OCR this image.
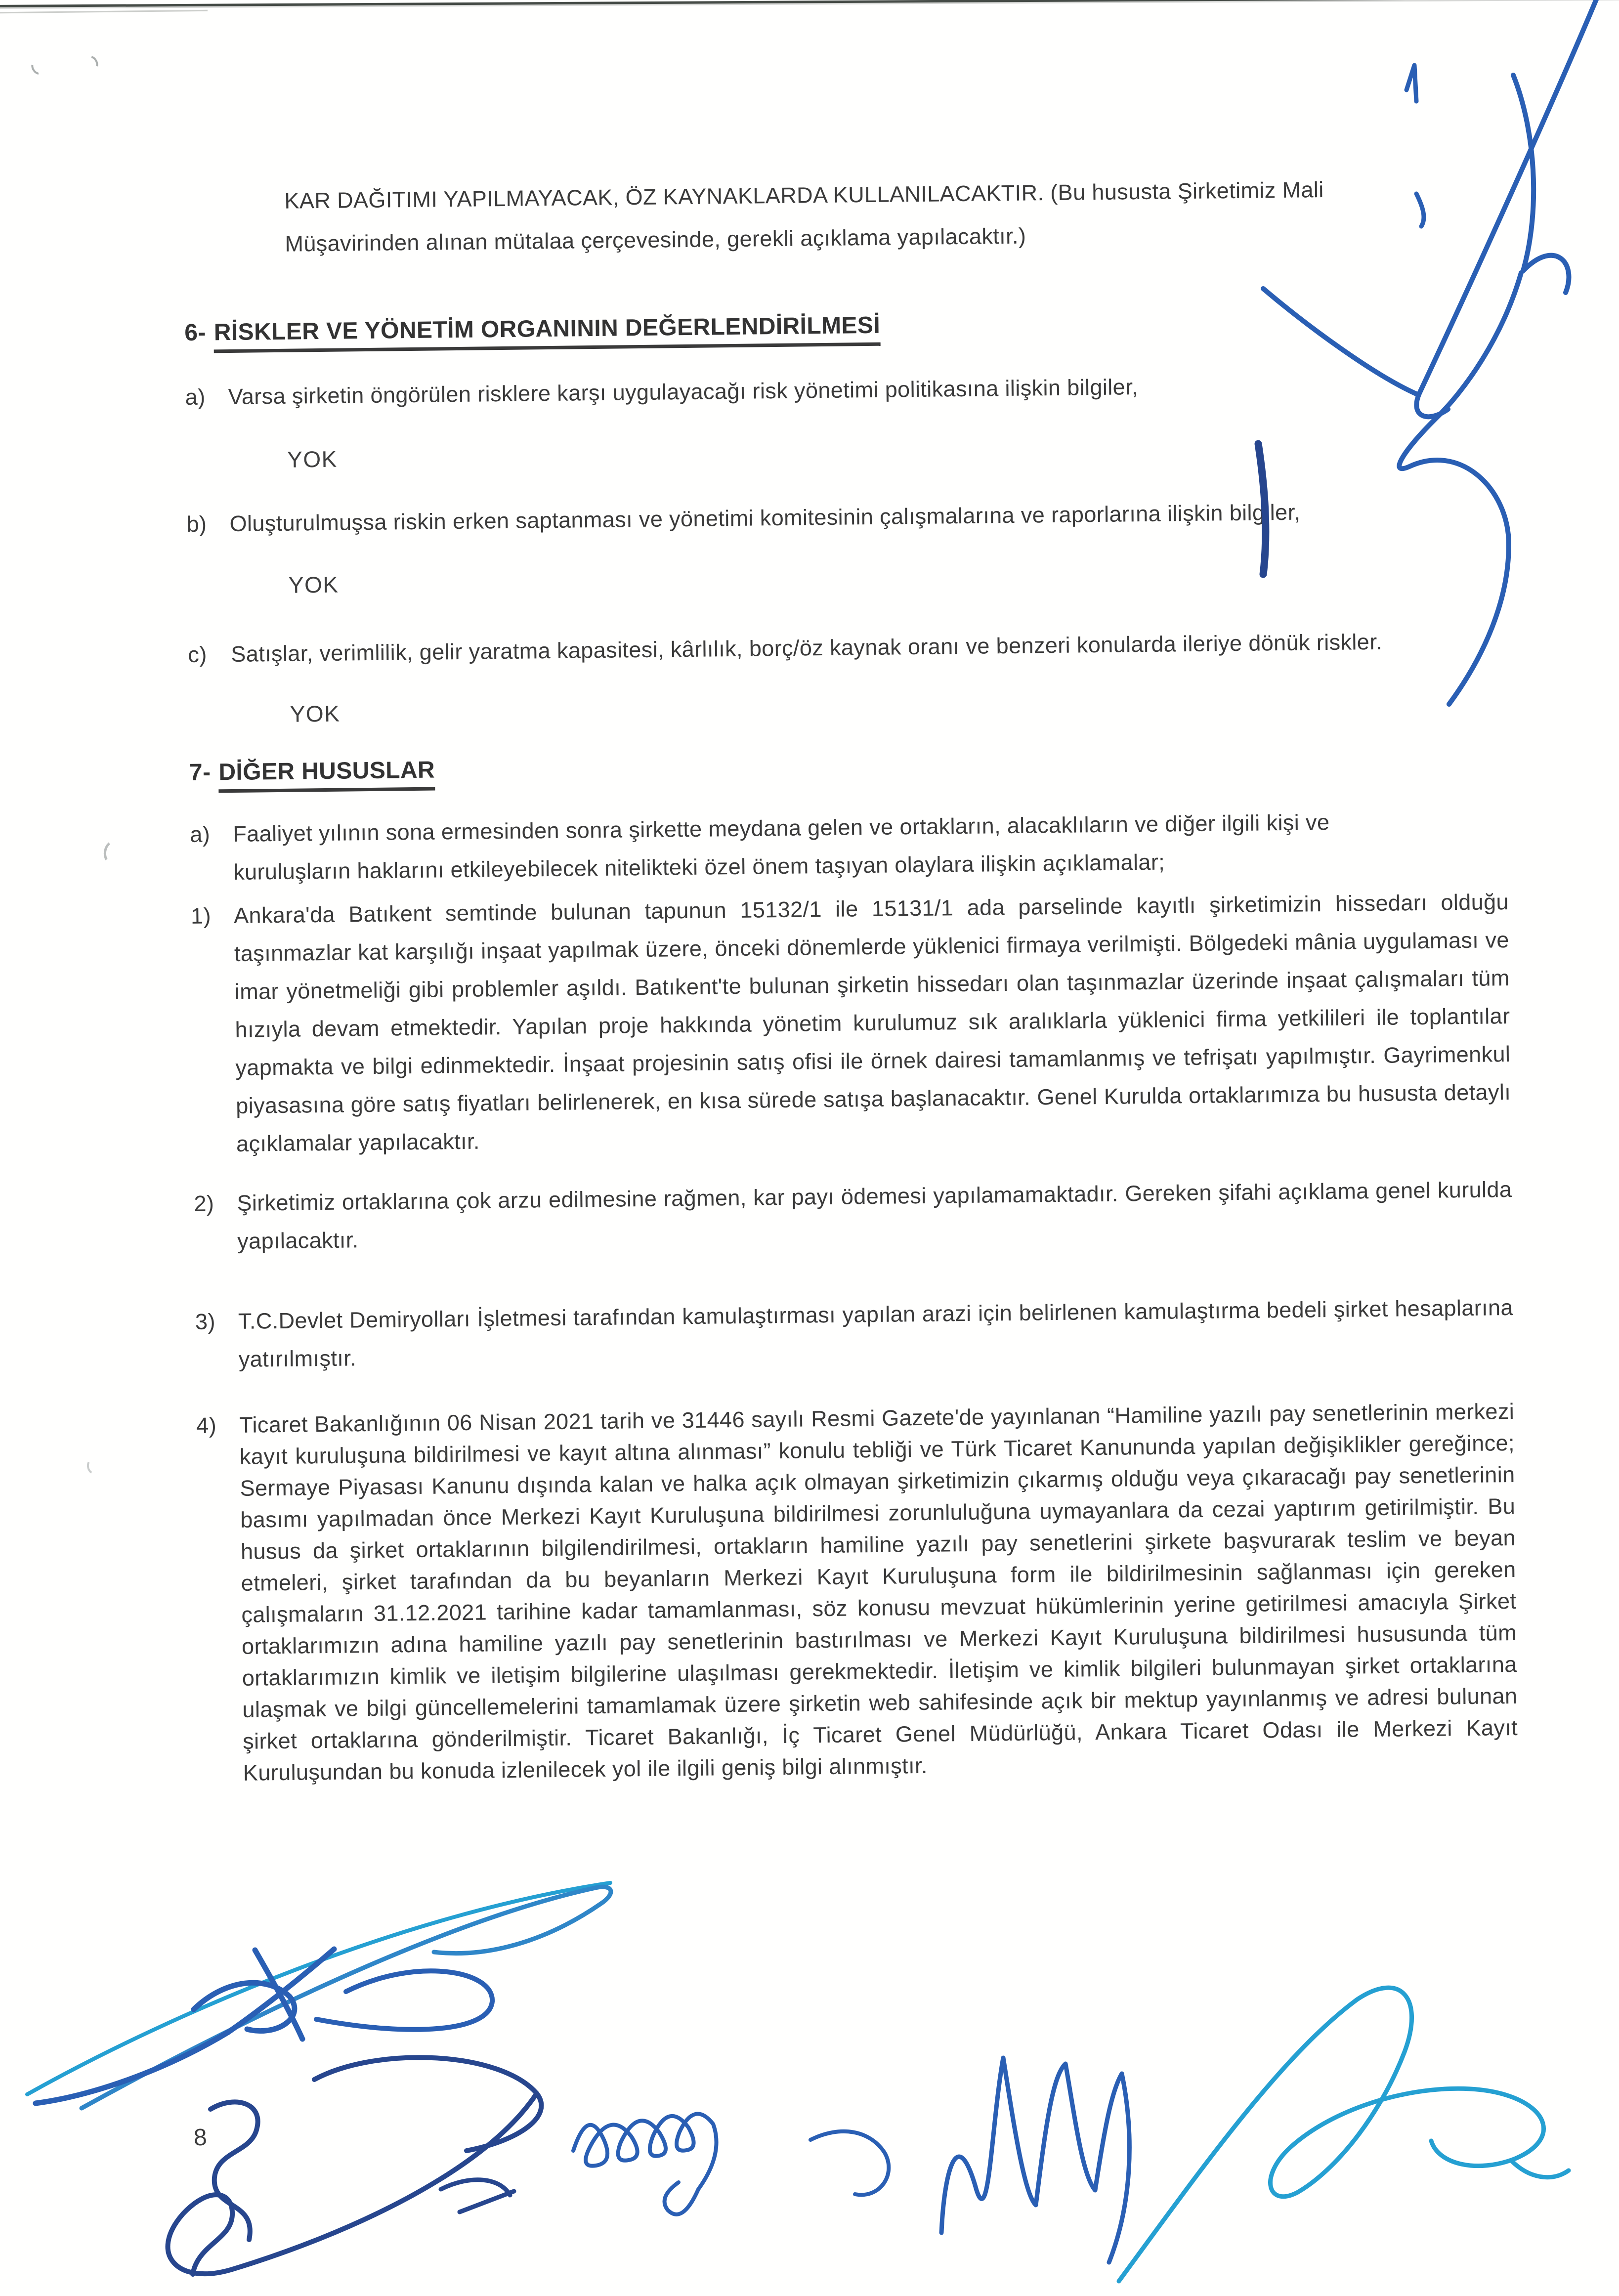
KAR DAĞITIMI YAPILMAYACAK, ÖZ KAYNAKLARDA KULLANILACAKTIR. (Bu hususta Şirketimiz Mali Müşavirinden alınan mütalaa çerçevesinde, gerekli açıklama yapılacaktır.)

6- RİSKLER VE YÖNETİM ORGANININ DEĞERLENDİRİLMESİ
a)	Varsa şirketin öngörülen risklere karşı uygulayacağı risk yönetimi politikasına ilişkin bilgiler,
YOK
b)	Oluşturulmuşsa riskin erken saptanması ve yönetimi komitesinin çalışmalarına ve raporlarına ilişkin bilgiler,
YOK
c)	Satışlar, verimlilik, gelir yaratma kapasitesi, kârlılık, borç/öz kaynak oranı ve benzeri konularda ileriye dönük riskler.
YOK
7- DİĞER HUSUSLAR
a)	Faaliyet yılının sona ermesinden sonra şirkette meydana gelen ve ortakların, alacaklıların ve diğer ilgili kişi ve kuruluşların haklarını etkileyebilecek nitelikteki özel önem taşıyan olaylara ilişkin açıklamalar;
1)	Ankara'da Batıkent semtinde bulunan tapunun 15132/1 ile 15131/1 ada parselinde kayıtlı şirketimizin hissedarı olduğu taşınmazlar kat karşılığı inşaat yapılmak üzere, önceki dönemlerde yüklenici firmaya verilmişti. Bölgedeki mânia uygulaması ve imar yönetmeliği gibi problemler aşıldı. Batıkent'te bulunan şirketin hissedarı olan taşınmazlar üzerinde inşaat çalışmaları tüm hızıyla devam etmektedir. Yapılan proje hakkında yönetim kurulumuz sık aralıklarla yüklenici firma yetkilileri ile toplantılar yapmakta ve bilgi edinmektedir. İnşaat projesinin satış ofisi ile örnek dairesi tamamlanmış ve tefrişatı yapılmıştır. Gayrimenkul piyasasına göre satış fiyatları belirlenerek, en kısa sürede satışa başlanacaktır. Genel Kurulda ortaklarımıza bu hususta detaylı açıklamalar yapılacaktır.
2)	Şirketimiz ortaklarına çok arzu edilmesine rağmen, kar payı ödemesi yapılamamaktadır. Gereken şifahi açıklama genel kurulda yapılacaktır.
3)	T.C.Devlet Demiryolları İşletmesi tarafından kamulaştırması yapılan arazi için belirlenen kamulaştırma bedeli şirket hesaplarına yatırılmıştır.
4)	Ticaret Bakanlığının 06 Nisan 2021 tarih ve 31446 sayılı Resmi Gazete'de yayınlanan “Hamiline yazılı pay senetlerinin merkezi kayıt kuruluşuna bildirilmesi ve kayıt altına alınması” konulu tebliği ve Türk Ticaret Kanununda yapılan değişiklikler gereğince; Sermaye Piyasası Kanunu dışında kalan ve halka açık olmayan şirketimizin çıkarmış olduğu veya çıkaracağı pay senetlerinin basımı yapılmadan önce Merkezi Kayıt Kuruluşuna bildirilmesi zorunluluğuna uymayanlara da cezai yaptırım getirilmiştir. Bu husus da şirket ortaklarının bilgilendirilmesi, ortakların hamiline yazılı pay senetlerini şirkete başvurarak teslim ve beyan etmeleri, şirket tarafından da bu beyanların Merkezi Kayıt Kuruluşuna form ile bildirilmesinin sağlanması için gereken çalışmaların 31.12.2021 tarihine kadar tamamlanması, söz konusu mevzuat hükümlerinin yerine getirilmesi amacıyla Şirket ortaklarımızın adına hamiline yazılı pay senetlerinin bastırılması ve Merkezi Kayıt Kuruluşuna bildirilmesi hususunda tüm ortaklarımızın kimlik ve iletişim bilgilerine ulaşılması gerekmektedir. İletişim ve kimlik bilgileri bulunmayan şirket ortaklarına ulaşmak ve bilgi güncellemelerini tamamlamak üzere şirketin web sahifesinde açık bir mektup yayınlanmış ve adresi bulunan şirket ortaklarına gönderilmiştir. Ticaret Bakanlığı, İç Ticaret Genel Müdürlüğü, Ankara Ticaret Odası ile Merkezi Kayıt Kuruluşundan bu konuda izlenilecek yol ile ilgili geniş bilgi alınmıştır.
8
